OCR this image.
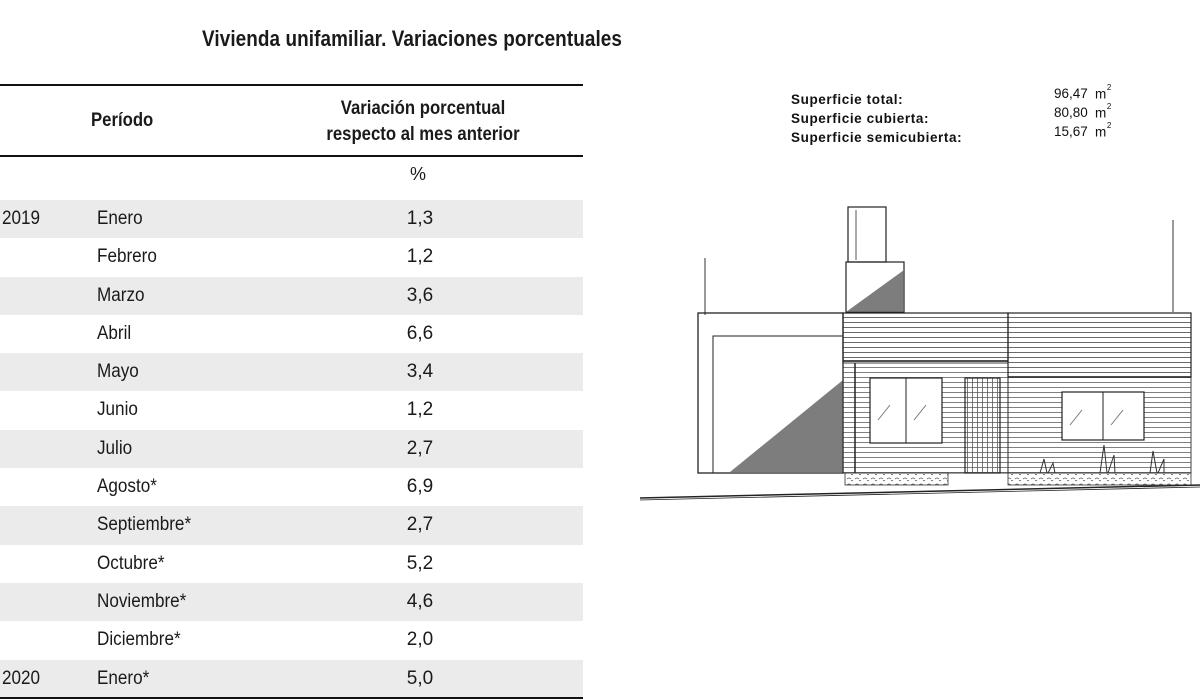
Vivienda unifamiliar. Variaciones porcentuales
Período
Variación porcentual
respecto al mes anterior
%
2019	Enero	1,3
Febrero	1,2
Marzo	3,6
Abril	6,6
Mayo	3,4
Junio	1,2
Julio	2,7
Agosto*	6,9
Septiembre*	2,7
Octubre*	5,2
Noviembre*	4,6
Diciembre*	2,0
2020	Enero*	5,0
Superficie total:	96,47 $m^2$
Superficie cubierta:	80,80 $m^2$
Superficie semicubierta:	15,67 $m^2$
